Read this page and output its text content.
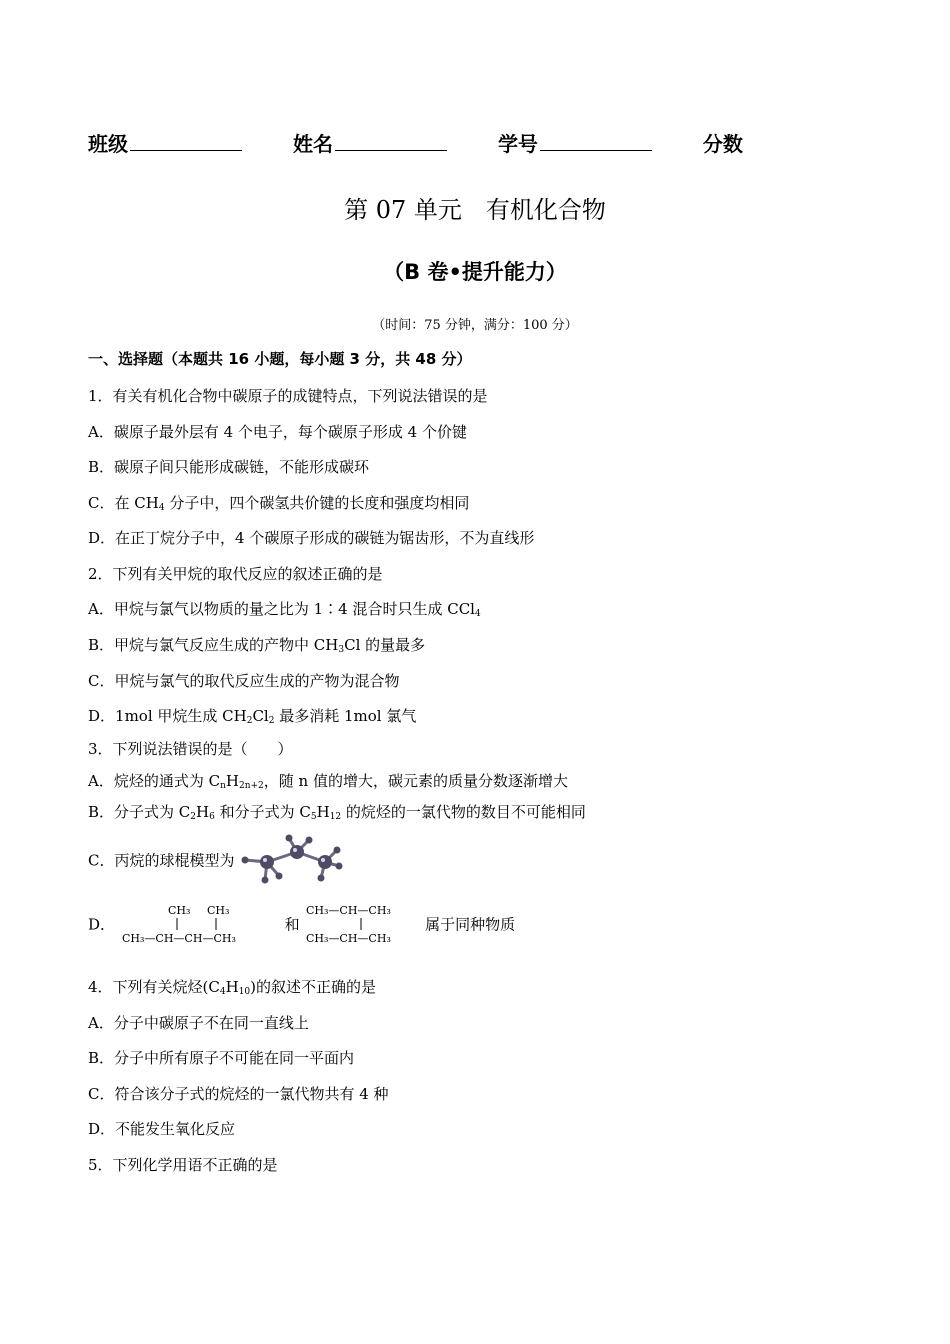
班级	姓名	学号	分数
第 07 单元　有机化合物
（B 卷•提升能力）
（时间：75 分钟，满分：100 分）
一、选择题（本题共 16 小题，每小题 3 分，共 48 分）
1．有关有机化合物中碳原子的成键特点，下列说法错误的是
A．碳原子最外层有 4 个电子，每个碳原子形成 4 个价键
B．碳原子间只能形成碳链，不能形成碳环
C．在 $CH_4$ 分子中，四个碳氢共价键的长度和强度均相同
D．在正丁烷分子中，4 个碳原子形成的碳链为锯齿形，不为直线形
2．下列有关甲烷的取代反应的叙述正确的是
A．甲烷与氯气以物质的量之比为 1∶4 混合时只生成 CCl$_4$
B．甲烷与氯气反应生成的产物中 $CH_3Cl$ 的量最多
C．甲烷与氯气的取代反应生成的产物为混合物
D．1mol 甲烷生成 $CH_2Cl_2$ 最多消耗 1mol 氯气
3．下列说法错误的是（　　）
A．烷烃的通式为 $C_nH_{2n+2}$，随 n 值的增大，碳元素的质量分数逐渐增大
B．分子式为 $C_2H_6$ 和分子式为 $C_5H_{12}$ 的烷烃的一氯代物的数目不可能相同
C．丙烷的球棍模型为
D．
CH₃ CH₃
CH₃—CH—CH—CH₃
和
CH₃—CH—CH₃
CH₃—CH—CH₃
属于同种物质
4．下列有关烷烃$(C_4H_{10})$的叙述不正确的是
A．分子中碳原子不在同一直线上
B．分子中所有原子不可能在同一平面内
C．符合该分子式的烷烃的一氯代物共有 4 种
D．不能发生氧化反应
5．下列化学用语不正确的是
